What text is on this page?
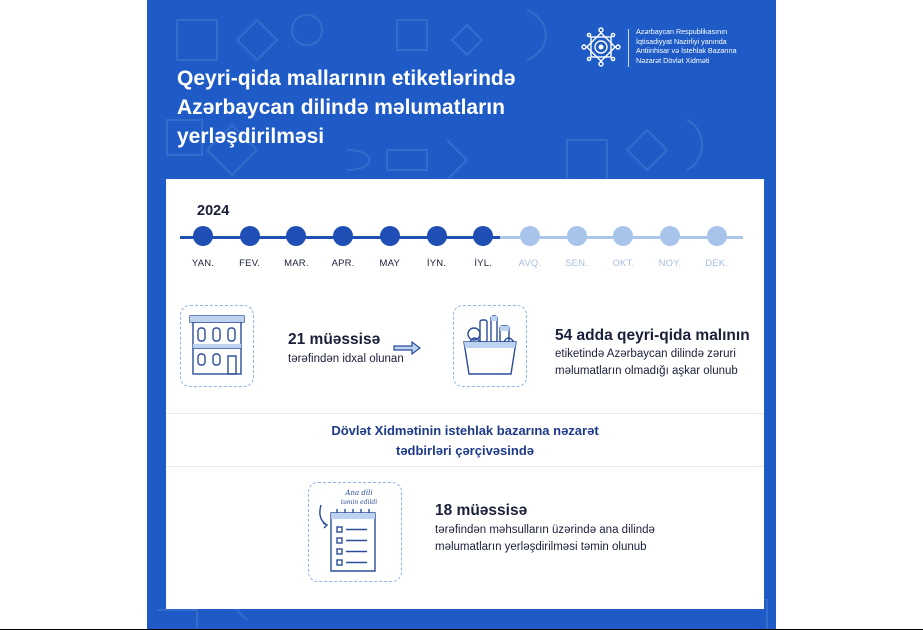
Qeyri-qida mallarının etiketlərində
Azərbaycan dilində məlumatların
yerləşdirilməsi
Azərbaycan Respublikasının
İqtisadiyyat Nazirliyi yanında
Antiinhisar və İstehlak Bazarına
Nəzarət Dövlət Xidməti
2024
YAN.	FEV.	MAR.	APR.	MAY	İYN.	İYL.	AVQ.	SEN.	OKT.	NOY.	DEK.
21 müəssisə
tərəfindən idxal olunan
54 adda qeyri-qida malının
etiketində Azərbaycan dilində zəruri
məlumatların olmadığı aşkar olunub
Dövlət Xidmətinin istehlak bazarına nəzarət
tədbirləri çərçivəsində
Ana dili
təmin edildi	18 müəssisə
tərəfindən məhsulların üzərində ana dilində
məlumatların yerləşdirilməsi təmin olunub
